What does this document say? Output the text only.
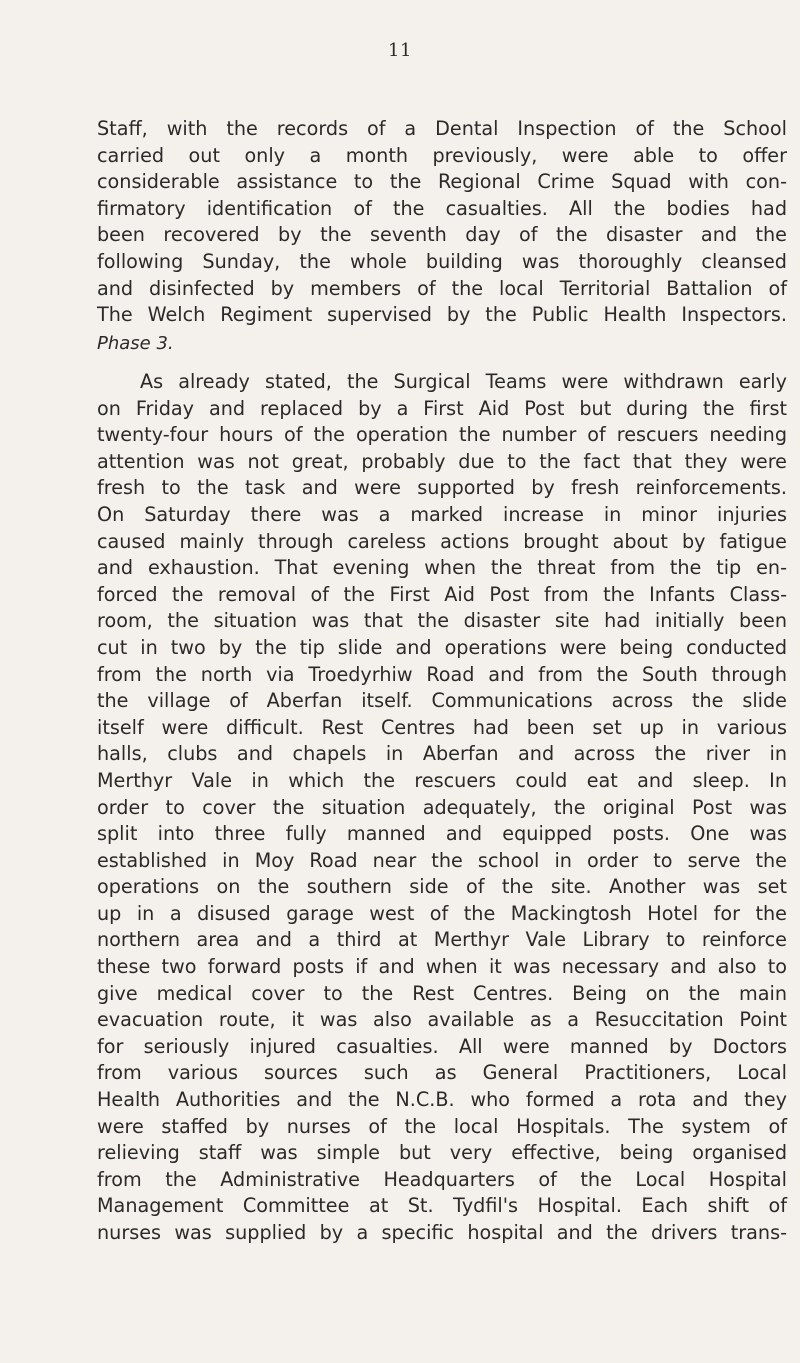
11
Staff, with the records of a Dental Inspection of the School
carried out only a month previously, were able to offer
considerable assistance to the Regional Crime Squad with con-
firmatory identification of the casualties. All the bodies had
been recovered by the seventh day of the disaster and the
following Sunday, the whole building was thoroughly cleansed
and disinfected by members of the local Territorial Battalion of
The Welch Regiment supervised by the Public Health Inspectors.
Phase 3.
As already stated, the Surgical Teams were withdrawn early
on Friday and replaced by a First Aid Post but during the first
twenty-four hours of the operation the number of rescuers needing
attention was not great, probably due to the fact that they were
fresh to the task and were supported by fresh reinforcements.
On Saturday there was a marked increase in minor injuries
caused mainly through careless actions brought about by fatigue
and exhaustion. That evening when the threat from the tip en-
forced the removal of the First Aid Post from the Infants Class-
room, the situation was that the disaster site had initially been
cut in two by the tip slide and operations were being conducted
from the north via Troedyrhiw Road and from the South through
the village of Aberfan itself. Communications across the slide
itself were difficult. Rest Centres had been set up in various
halls, clubs and chapels in Aberfan and across the river in
Merthyr Vale in which the rescuers could eat and sleep. In
order to cover the situation adequately, the original Post was
split into three fully manned and equipped posts. One was
established in Moy Road near the school in order to serve the
operations on the southern side of the site. Another was set
up in a disused garage west of the Mackingtosh Hotel for the
northern area and a third at Merthyr Vale Library to reinforce
these two forward posts if and when it was necessary and also to
give medical cover to the Rest Centres. Being on the main
evacuation route, it was also available as a Resuccitation Point
for seriously injured casualties. All were manned by Doctors
from various sources such as General Practitioners, Local
Health Authorities and the N.C.B. who formed a rota and they
were staffed by nurses of the local Hospitals. The system of
relieving staff was simple but very effective, being organised
from the Administrative Headquarters of the Local Hospital
Management Committee at St. Tydfil's Hospital. Each shift of
nurses was supplied by a specific hospital and the drivers trans-
